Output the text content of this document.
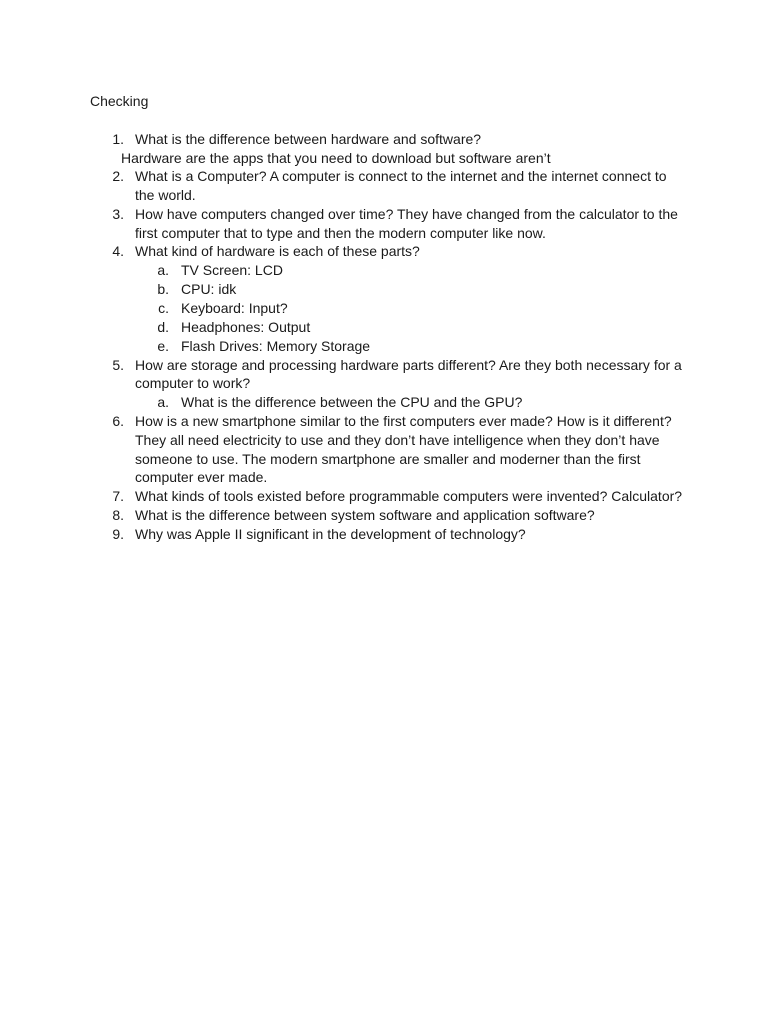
Checking
1. What is the difference between hardware and software?
Hardware are the apps that you need to download but software aren’t
2. What is a Computer? A computer is connect to the internet and the internet connect to
the world.
3. How have computers changed over time? They have changed from the calculator to the
first computer that to type and then the modern computer like now.
4. What kind of hardware is each of these parts?
a. TV Screen: LCD
b. CPU: idk
c. Keyboard: Input?
d. Headphones: Output
e. Flash Drives: Memory Storage
5. How are storage and processing hardware parts different? Are they both necessary for a
computer to work?
a. What is the difference between the CPU and the GPU?
6. How is a new smartphone similar to the first computers ever made? How is it different?
They all need electricity to use and they don’t have intelligence when they don’t have
someone to use. The modern smartphone are smaller and moderner than the first
computer ever made.
7. What kinds of tools existed before programmable computers were invented? Calculator?
8. What is the difference between system software and application software?
9. Why was Apple II significant in the development of technology?
